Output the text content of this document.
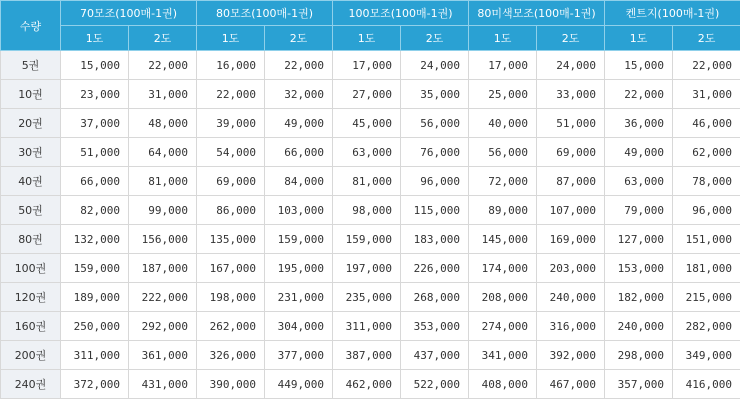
수량	70모조(100매-1권)		80모조(100매-1권)		100모조(100매-1권)		80미색모조(100매-1권)		켄트지(100매-1권)	
	1도	2도	1도	2도	1도	2도	1도	2도	1도	2도
5권	15,000	22,000	16,000	22,000	17,000	24,000	17,000	24,000	15,000	22,000
10권	23,000	31,000	22,000	32,000	27,000	35,000	25,000	33,000	22,000	31,000
20권	37,000	48,000	39,000	49,000	45,000	56,000	40,000	51,000	36,000	46,000
30권	51,000	64,000	54,000	66,000	63,000	76,000	56,000	69,000	49,000	62,000
40권	66,000	81,000	69,000	84,000	81,000	96,000	72,000	87,000	63,000	78,000
50권	82,000	99,000	86,000	103,000	98,000	115,000	89,000	107,000	79,000	96,000
80권	132,000	156,000	135,000	159,000	159,000	183,000	145,000	169,000	127,000	151,000
100권	159,000	187,000	167,000	195,000	197,000	226,000	174,000	203,000	153,000	181,000
120권	189,000	222,000	198,000	231,000	235,000	268,000	208,000	240,000	182,000	215,000
160권	250,000	292,000	262,000	304,000	311,000	353,000	274,000	316,000	240,000	282,000
200권	311,000	361,000	326,000	377,000	387,000	437,000	341,000	392,000	298,000	349,000
240권	372,000	431,000	390,000	449,000	462,000	522,000	408,000	467,000	357,000	416,000
